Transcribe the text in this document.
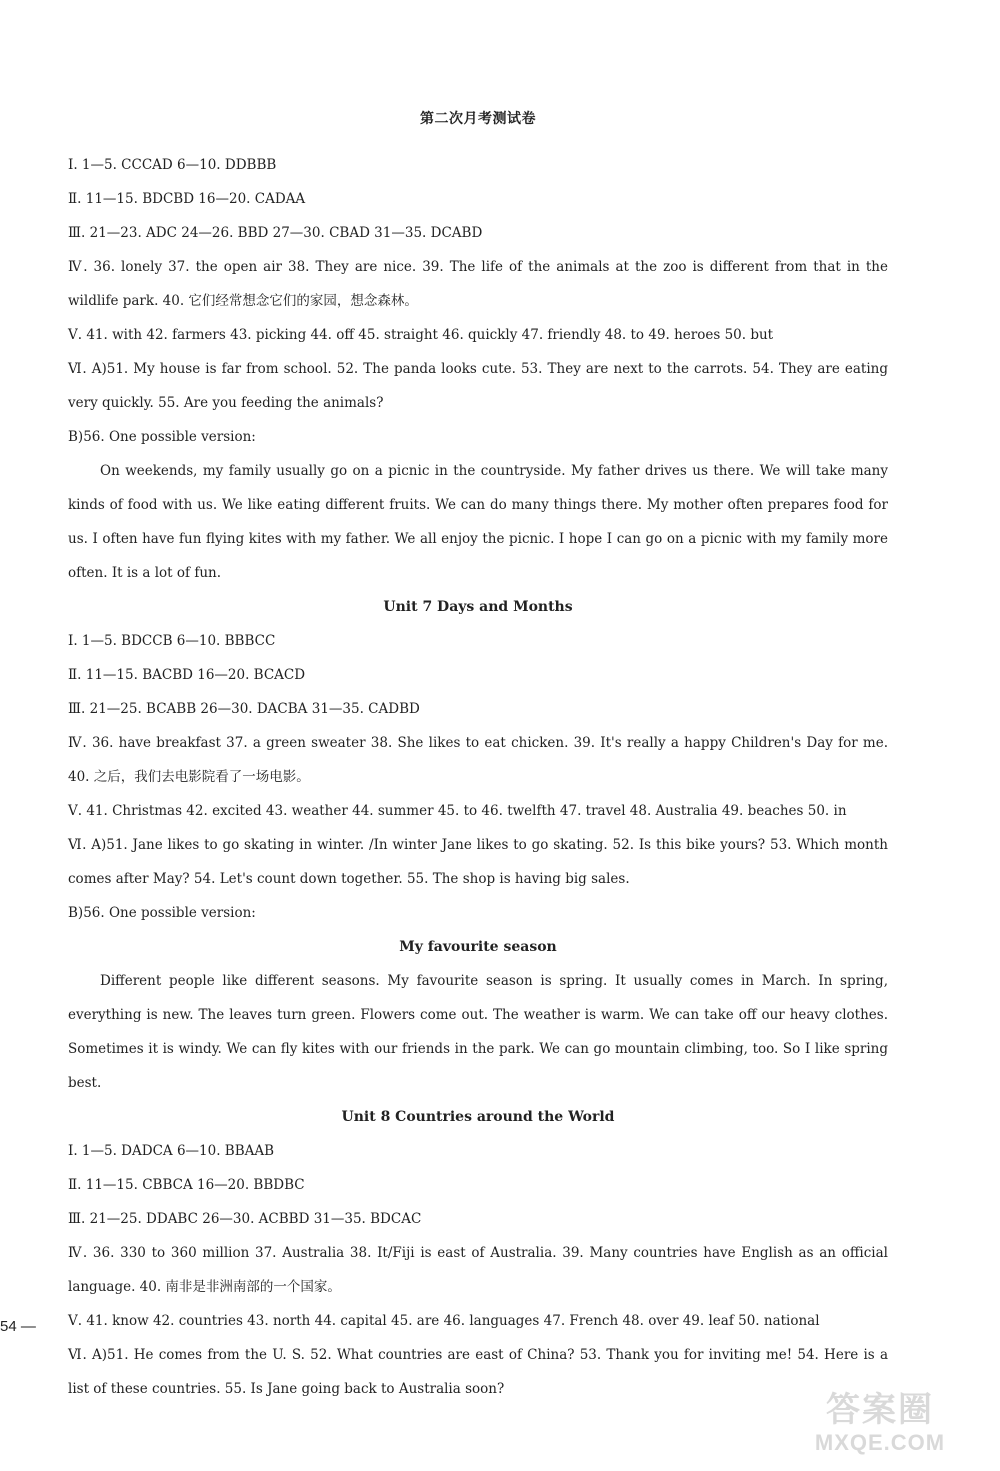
第二次月考测试卷

Ⅰ. 1—5. CCCAD 6—10. DDBBB

Ⅱ. 11—15. BDCBD 16—20. CADAA

Ⅲ. 21—23. ADC 24—26. BBD 27—30. CBAD 31—35. DCABD

Ⅳ. 36. lonely 37. the open air 38. They are nice. 39. The life of the animals at the zoo is different from that in the wildlife park. 40. 它们经常想念它们的家园，想念森林。

Ⅴ. 41. with 42. farmers 43. picking 44. off 45. straight 46. quickly 47. friendly 48. to 49. heroes 50. but

Ⅵ. A)51. My house is far from school. 52. The panda looks cute. 53. They are next to the carrots. 54. They are eating very quickly. 55. Are you feeding the animals?

B)56. One possible version:

On weekends, my family usually go on a picnic in the countryside. My father drives us there. We will take many kinds of food with us. We like eating different fruits. We can do many things there. My mother often prepares food for us. I often have fun flying kites with my father. We all enjoy the picnic. I hope I can go on a picnic with my family more often. It is a lot of fun.

Unit 7 Days and Months

Ⅰ. 1—5. BDCCB 6—10. BBBCC

Ⅱ. 11—15. BACBD 16—20. BCACD

Ⅲ. 21—25. BCABB 26—30. DACBA 31—35. CADBD

Ⅳ. 36. have breakfast 37. a green sweater 38. She likes to eat chicken. 39. It's really a happy Children's Day for me. 40. 之后，我们去电影院看了一场电影。

Ⅴ. 41. Christmas 42. excited 43. weather 44. summer 45. to 46. twelfth 47. travel 48. Australia 49. beaches 50. in

Ⅵ. A)51. Jane likes to go skating in winter. /In winter Jane likes to go skating. 52. Is this bike yours? 53. Which month comes after May? 54. Let's count down together. 55. The shop is having big sales.

B)56. One possible version:

My favourite season

Different people like different seasons. My favourite season is spring. It usually comes in March. In spring, everything is new. The leaves turn green. Flowers come out. The weather is warm. We can take off our heavy clothes. Sometimes it is windy. We can fly kites with our friends in the park. We can go mountain climbing, too. So I like spring best.

Unit 8 Countries around the World

Ⅰ. 1—5. DADCA 6—10. BBAAB

Ⅱ. 11—15. CBBCA 16—20. BBDBC

Ⅲ. 21—25. DDABC 26—30. ACBBD 31—35. BDCAC

Ⅳ. 36. 330 to 360 million 37. Australia 38. It/Fiji is east of Australia. 39. Many countries have English as an official language. 40. 南非是非洲南部的一个国家。

Ⅴ. 41. know 42. countries 43. north 44. capital 45. are 46. languages 47. French 48. over 49. leaf 50. national

Ⅵ. A)51. He comes from the U. S. 52. What countries are east of China? 53. Thank you for inviting me! 54. Here is a list of these countries. 55. Is Jane going back to Australia soon?

54 —
答案圈
MXQE.COM
